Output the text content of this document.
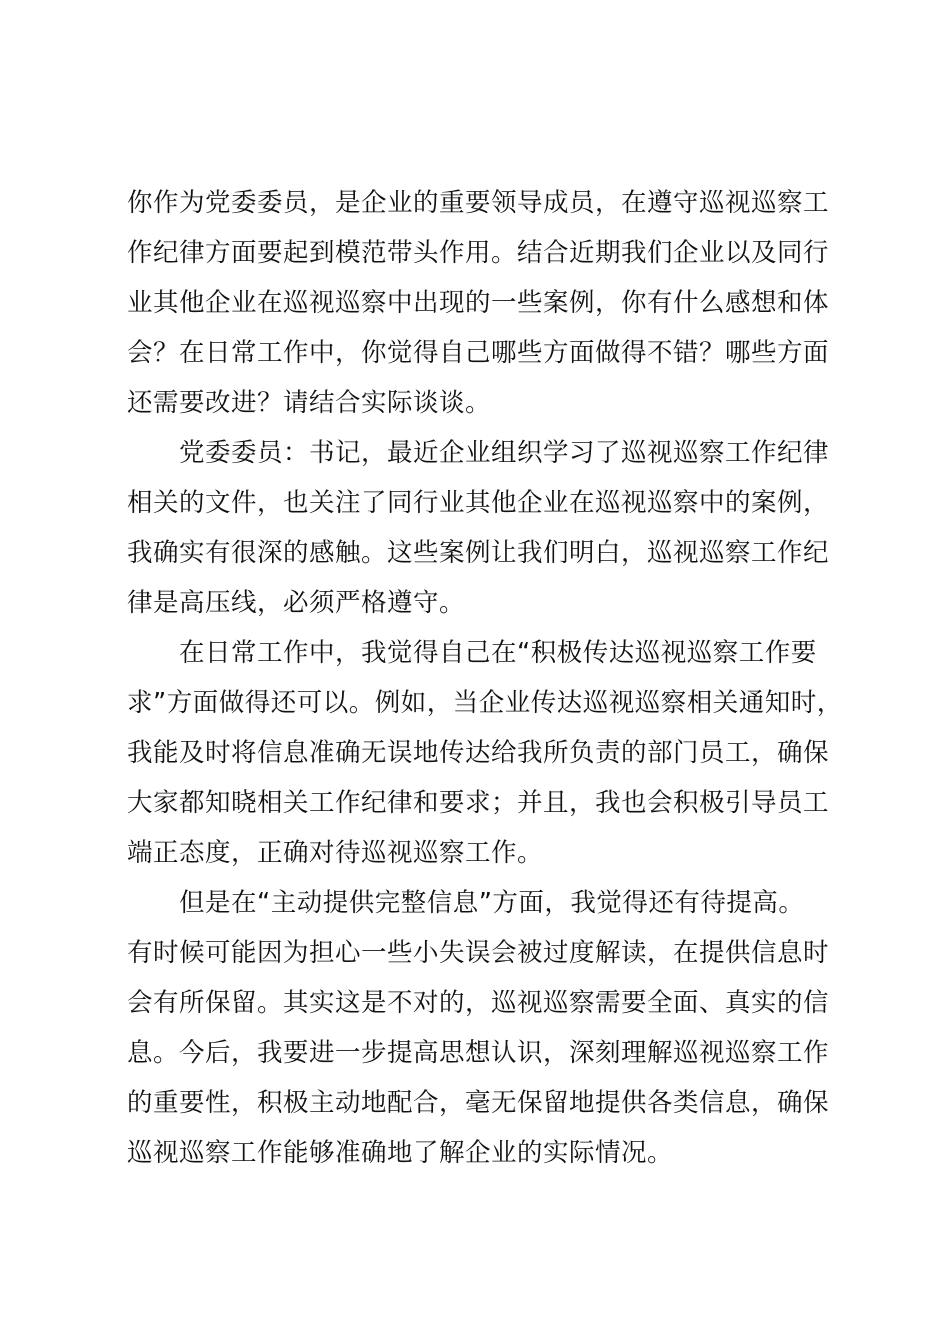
你作为党委委员，是企业的重要领导成员，在遵守巡视巡察工
作纪律方面要起到模范带头作用。结合近期我们企业以及同行
业其他企业在巡视巡察中出现的一些案例，你有什么感想和体
会？在日常工作中，你觉得自己哪些方面做得不错？哪些方面
还需要改进？请结合实际谈谈。
党委委员：书记，最近企业组织学习了巡视巡察工作纪律
相关的文件，也关注了同行业其他企业在巡视巡察中的案例，
我确实有很深的感触。这些案例让我们明白，巡视巡察工作纪
律是高压线，必须严格遵守。
在日常工作中，我觉得自己在“积极传达巡视巡察工作要
求”方面做得还可以。例如，当企业传达巡视巡察相关通知时，
我能及时将信息准确无误地传达给我所负责的部门员工，确保
大家都知晓相关工作纪律和要求；并且，我也会积极引导员工
端正态度，正确对待巡视巡察工作。
但是在“主动提供完整信息”方面，我觉得还有待提高。
有时候可能因为担心一些小失误会被过度解读，在提供信息时
会有所保留。其实这是不对的，巡视巡察需要全面、真实的信
息。今后，我要进一步提高思想认识，深刻理解巡视巡察工作
的重要性，积极主动地配合，毫无保留地提供各类信息，确保
巡视巡察工作能够准确地了解企业的实际情况。
